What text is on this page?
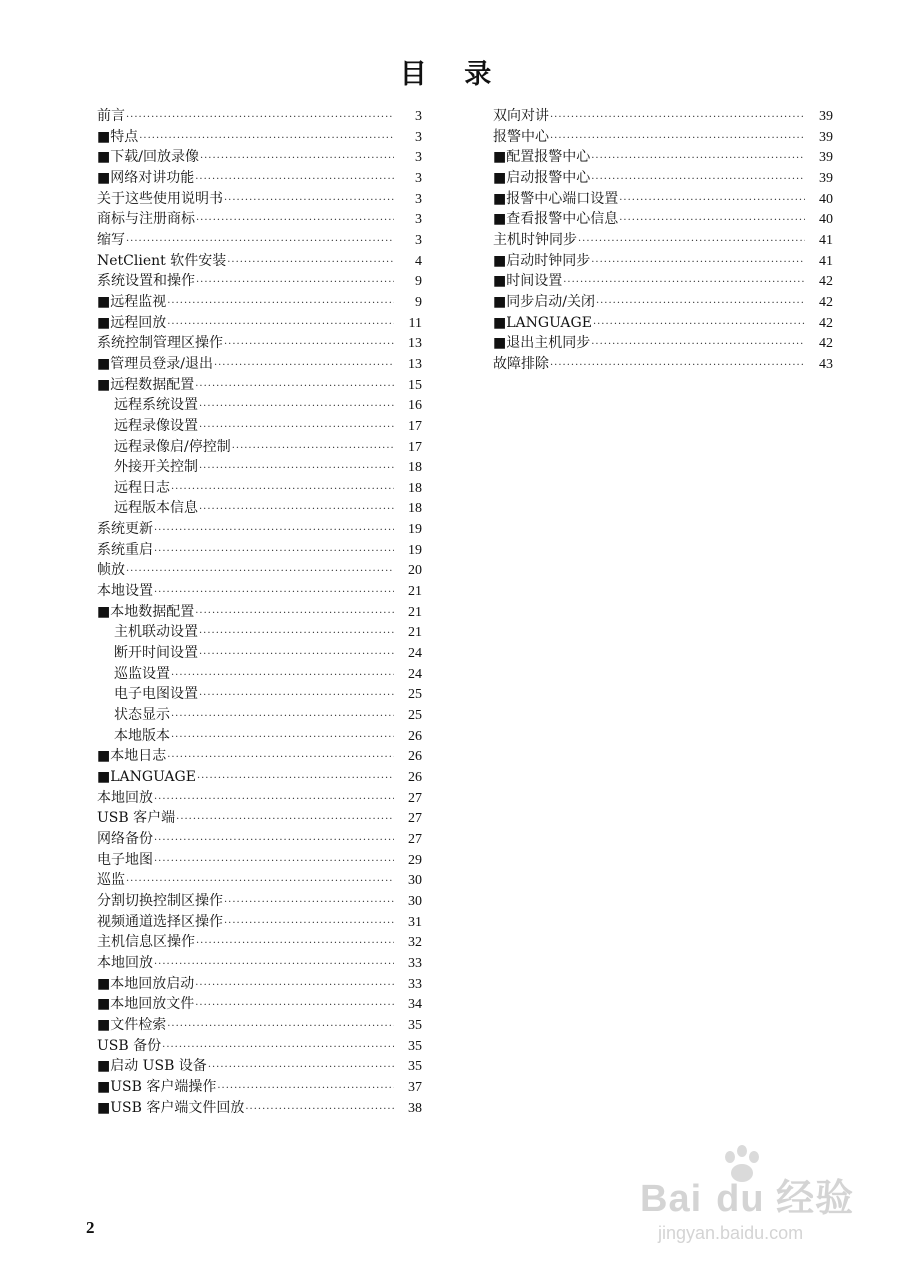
目 录
前言 ·····	3
■特点 ·····	3
■下载/回放录像 ·····	3
■网络对讲功能 ·····	3
关于这些使用说明书 ·····	3
商标与注册商标 ·····	3
缩写 ·····	3
NetClient 软件安装 ·····	4
系统设置和操作 ·····	9
■远程监视 ·····	9
■远程回放 ·····	11
系统控制管理区操作 ·····	13
■管理员登录/退出 ·····	13
■远程数据配置 ·····	15
远程系统设置 ·····	16
远程录像设置 ·····	17
远程录像启/停控制 ·····	17
外接开关控制 ·····	18
远程日志 ·····	18
远程版本信息 ·····	18
系统更新 ·····	19
系统重启 ·····	19
帧放 ·····	20
本地设置 ·····	21
■本地数据配置 ·····	21
主机联动设置 ·····	21
断开时间设置 ·····	24
巡监设置 ·····	24
电子电图设置 ·····	25
状态显示 ·····	25
本地版本 ·····	26
■本地日志 ·····	26
■LANGUAGE ·····	26
本地回放 ·····	27
USB 客户端 ·····	27
网络备份 ·····	27
电子地图 ·····	29
巡监 ·····	30
分割切换控制区操作 ·····	30
视频通道选择区操作 ·····	31
主机信息区操作 ·····	32
本地回放 ·····	33
■本地回放启动 ·····	33
■本地回放文件 ·····	34
■文件检索 ·····	35
USB 备份 ·····	35
■启动 USB 设备 ·····	35
■USB 客户端操作 ·····	37
■USB 客户端文件回放 ·····	38
双向对讲 ·····	39
报警中心 ·····	39
■配置报警中心 ·····	39
■启动报警中心 ·····	39
■报警中心端口设置 ·····	40
■查看报警中心信息 ·····	40
主机时钟同步 ·····	41
■启动时钟同步 ·····	41
■时间设置 ·····	42
■同步启动/关闭 ·····	42
■LANGUAGE ·····	42
■退出主机同步 ·····	42
故障排除 ·····	43
2
Bai du 经验
jingyan.baidu.com
